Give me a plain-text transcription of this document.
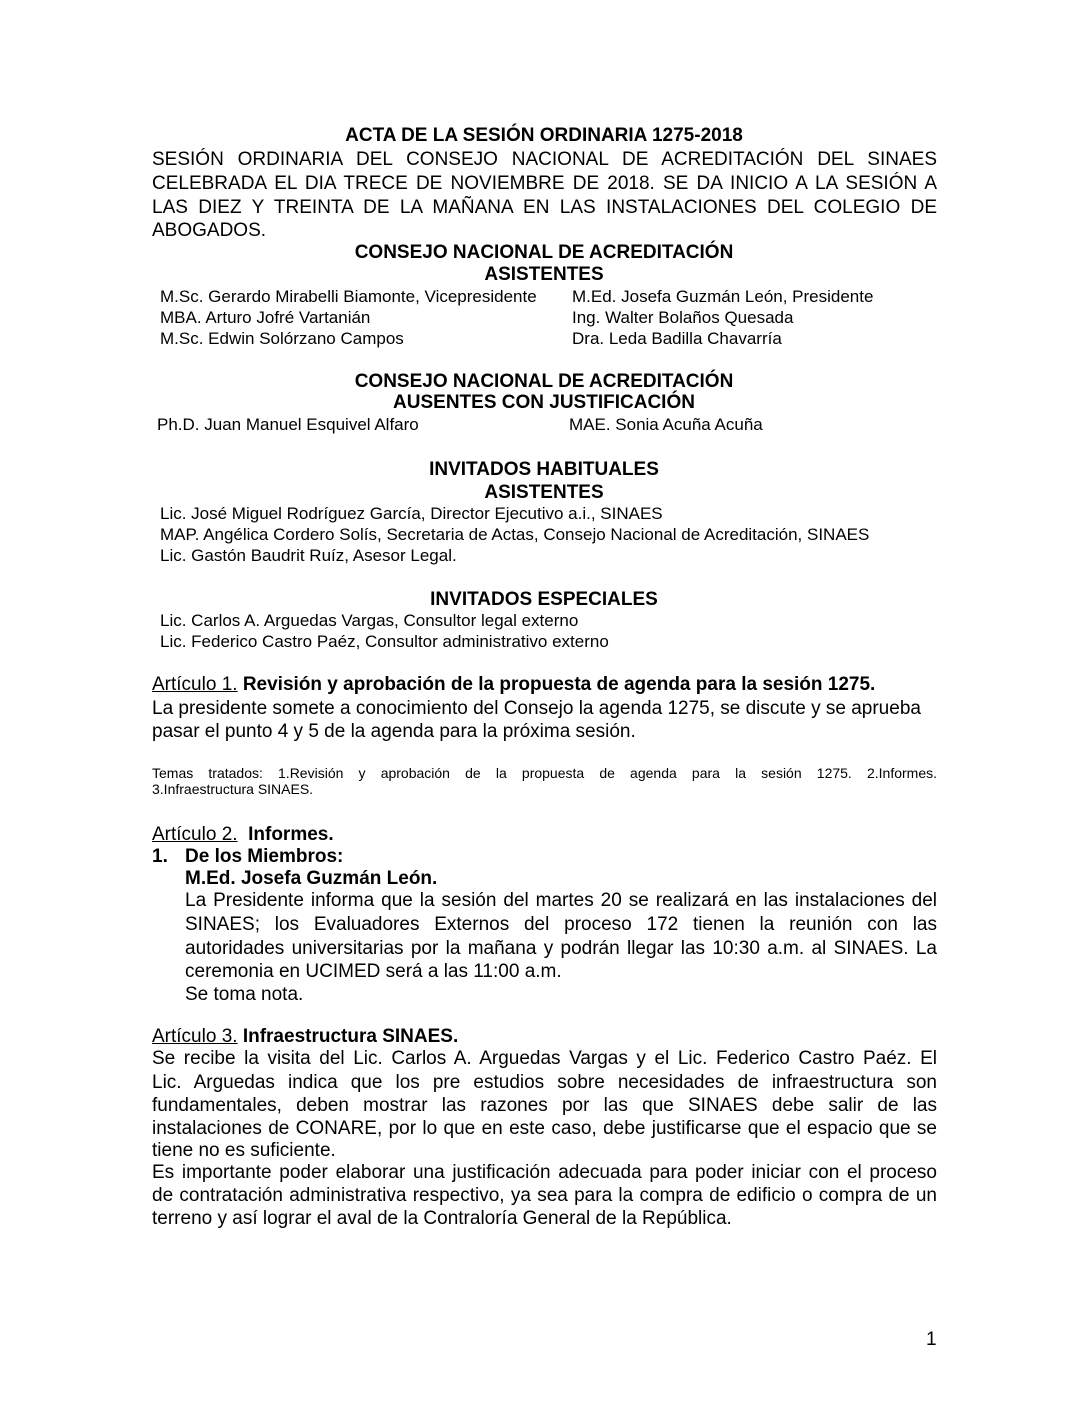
ACTA DE LA SESIÓN ORDINARIA 1275-2018
SESIÓN ORDINARIA DEL CONSEJO NACIONAL DE ACREDITACIÓN DEL SINAES
CELEBRADA EL DIA TRECE DE NOVIEMBRE DE 2018. SE DA INICIO A LA SESIÓN A
LAS DIEZ Y TREINTA DE LA MAÑANA EN LAS INSTALACIONES DEL COLEGIO DE
ABOGADOS.
CONSEJO NACIONAL DE ACREDITACIÓN
ASISTENTES
M.Sc. Gerardo Mirabelli Biamonte, Vicepresidente
MBA. Arturo Jofré Vartanián
M.Sc. Edwin Solórzano Campos
M.Ed. Josefa Guzmán León, Presidente
Ing. Walter Bolaños Quesada
Dra. Leda Badilla Chavarría
CONSEJO NACIONAL DE ACREDITACIÓN
AUSENTES CON JUSTIFICACIÓN
Ph.D. Juan Manuel Esquivel Alfaro	MAE. Sonia Acuña Acuña
INVITADOS HABITUALES
ASISTENTES
Lic. José Miguel Rodríguez García, Director Ejecutivo a.i., SINAES
MAP. Angélica Cordero Solís, Secretaria de Actas, Consejo Nacional de Acreditación, SINAES
Lic. Gastón Baudrit Ruíz, Asesor Legal.
INVITADOS ESPECIALES
Lic. Carlos A. Arguedas Vargas, Consultor legal externo
Lic. Federico Castro Paéz, Consultor administrativo externo
Artículo 1. Revisión y aprobación de la propuesta de agenda para la sesión 1275.
La presidente somete a conocimiento del Consejo la agenda 1275, se discute y se aprueba
pasar el punto 4 y 5 de la agenda para la próxima sesión.
Temas tratados: 1.Revisión y aprobación de la propuesta de agenda para la sesión 1275. 2.Informes.
3.Infraestructura SINAES.
Artículo 2. Informes.
1. De los Miembros:
M.Ed. Josefa Guzmán León.
La Presidente informa que la sesión del martes 20 se realizará en las instalaciones del
SINAES; los Evaluadores Externos del proceso 172 tienen la reunión con las
autoridades universitarias por la mañana y podrán llegar las 10:30 a.m. al SINAES. La
ceremonia en UCIMED será a las 11:00 a.m.
Se toma nota.
Artículo 3. Infraestructura SINAES.
Se recibe la visita del Lic. Carlos A. Arguedas Vargas y el Lic. Federico Castro Paéz. El
Lic. Arguedas indica que los pre estudios sobre necesidades de infraestructura son
fundamentales, deben mostrar las razones por las que SINAES debe salir de las
instalaciones de CONARE, por lo que en este caso, debe justificarse que el espacio que se
tiene no es suficiente.
Es importante poder elaborar una justificación adecuada para poder iniciar con el proceso
de contratación administrativa respectivo, ya sea para la compra de edificio o compra de un
terreno y así lograr el aval de la Contraloría General de la República.
1
